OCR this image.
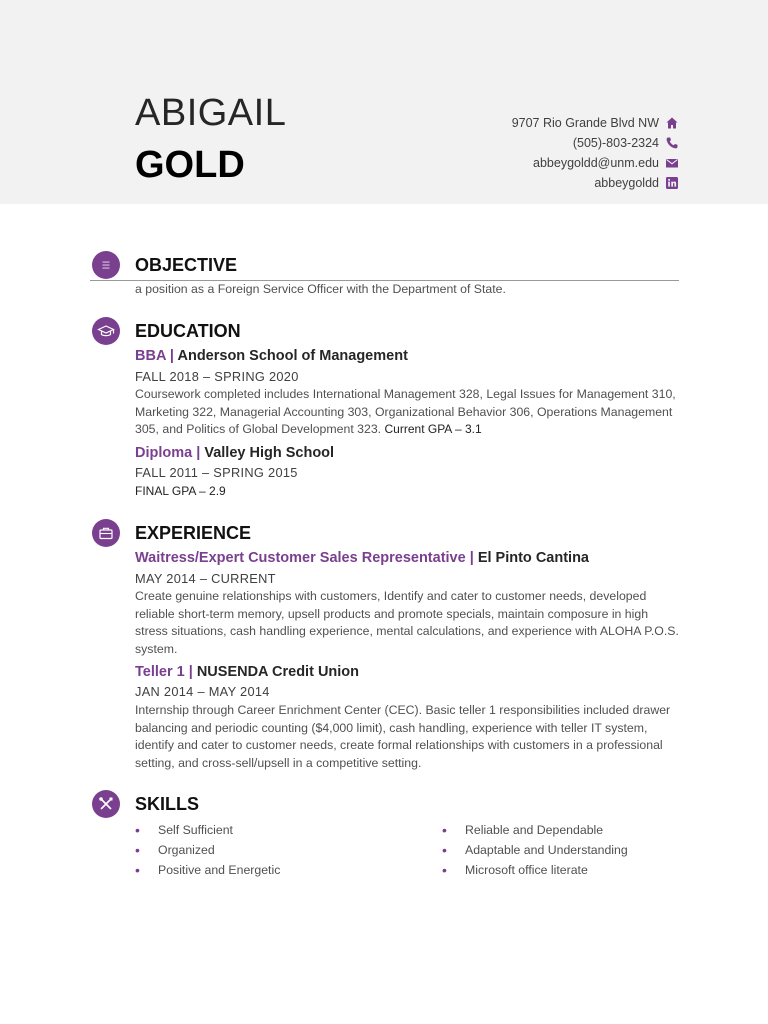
ABIGAIL
GOLD
9707 Rio Grande Blvd NW
(505)-803-2324
abbeygoldd@unm.edu
abbeygoldd
OBJECTIVE
a position as a Foreign Service Officer with the Department of State.
EDUCATION
BBA | Anderson School of Management
FALL 2018 – SPRING 2020
Coursework completed includes International Management 328, Legal Issues for Management 310, Marketing 322, Managerial Accounting 303, Organizational Behavior 306, Operations Management 305, and Politics of Global Development 323. Current GPA – 3.1
Diploma | Valley High School
FALL 2011 – SPRING 2015
FINAL GPA – 2.9
EXPERIENCE
Waitress/Expert Customer Sales Representative | El Pinto Cantina
MAY 2014 – CURRENT
Create genuine relationships with customers, Identify and cater to customer needs, developed reliable short-term memory, upsell products and promote specials, maintain composure in high stress situations, cash handling experience, mental calculations, and experience with ALOHA P.O.S. system.
Teller 1 | NUSENDA Credit Union
JAN 2014 – MAY 2014
Internship through Career Enrichment Center (CEC). Basic teller 1 responsibilities included drawer balancing and periodic counting ($4,000 limit), cash handling, experience with teller IT system, identify and cater to customer needs, create formal relationships with customers in a professional setting, and cross-sell/upsell in a competitive setting.
SKILLS
• Self Sufficient
• Organized
• Positive and Energetic
• Reliable and Dependable
• Adaptable and Understanding
• Microsoft office literate
